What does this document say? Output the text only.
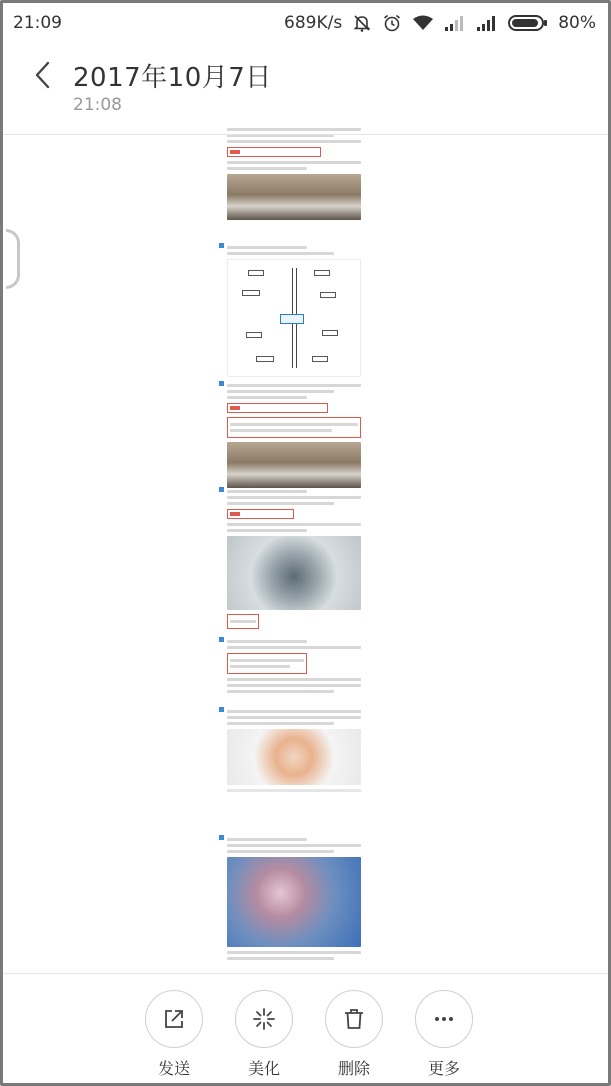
21:09	689K/s	80%
2017年10月7日
21:08
发送	美化	删除	更多
